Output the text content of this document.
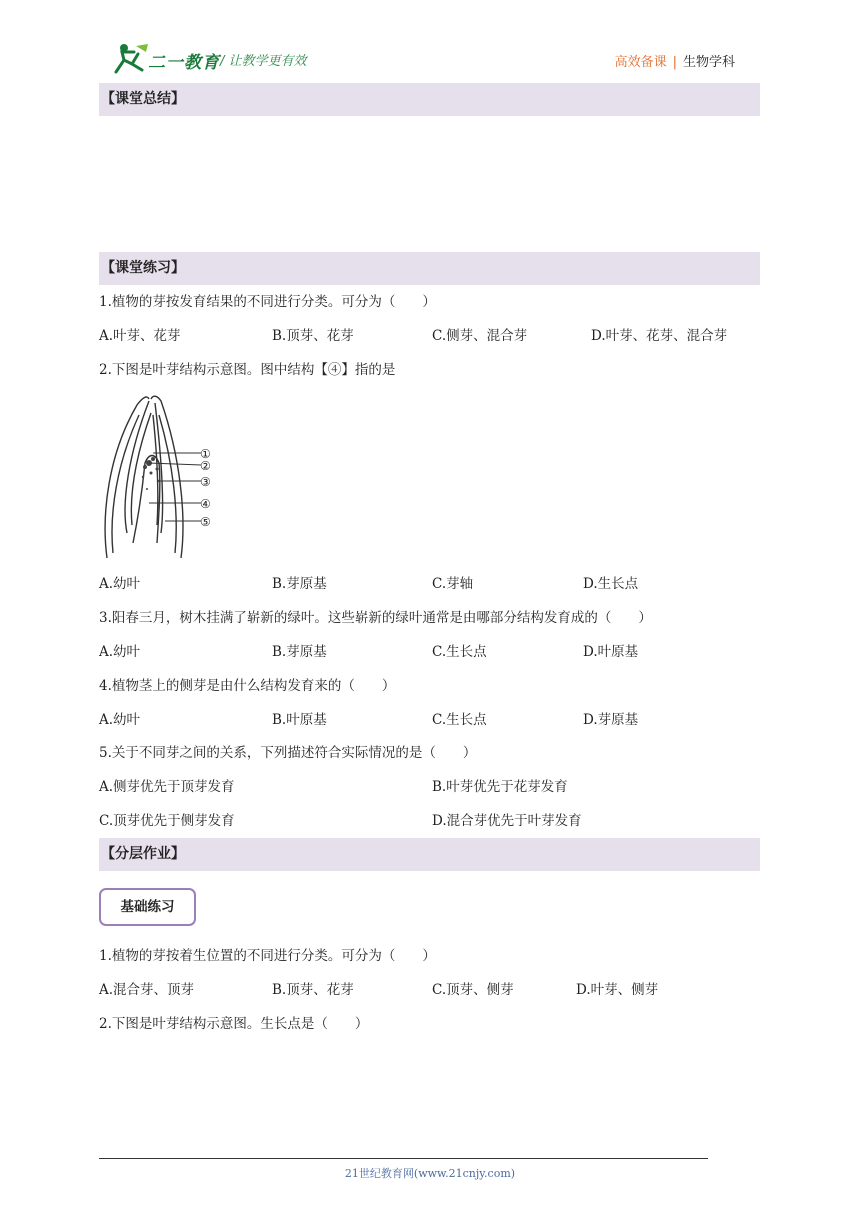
二一教育 / 让教学更有效	高效备课 | 生物学科
【课堂总结】
【课堂练习】
1.植物的芽按发育结果的不同进行分类。可分为（　　）
A.叶芽、花芽	B.顶芽、花芽	C.侧芽、混合芽	D.叶芽、花芽、混合芽
2.下图是叶芽结构示意图。图中结构【④】指的是
①
②
③
④
⑤
A.幼叶	B.芽原基	C.芽轴	D.生长点
3.阳春三月，树木挂满了崭新的绿叶。这些崭新的绿叶通常是由哪部分结构发育成的（　　）
A.幼叶	B.芽原基	C.生长点	D.叶原基
4.植物茎上的侧芽是由什么结构发育来的（　　）
A.幼叶	B.叶原基	C.生长点	D.芽原基
5.关于不同芽之间的关系，下列描述符合实际情况的是（　　）
A.侧芽优先于顶芽发育	B.叶芽优先于花芽发育
C.顶芽优先于侧芽发育	D.混合芽优先于叶芽发育
【分层作业】
基础练习
1.植物的芽按着生位置的不同进行分类。可分为（　　）
A.混合芽、顶芽	B.顶芽、花芽	C.顶芽、侧芽	D.叶芽、侧芽
2.下图是叶芽结构示意图。生长点是（　　）
21世纪教育网(www.21cnjy.com)
